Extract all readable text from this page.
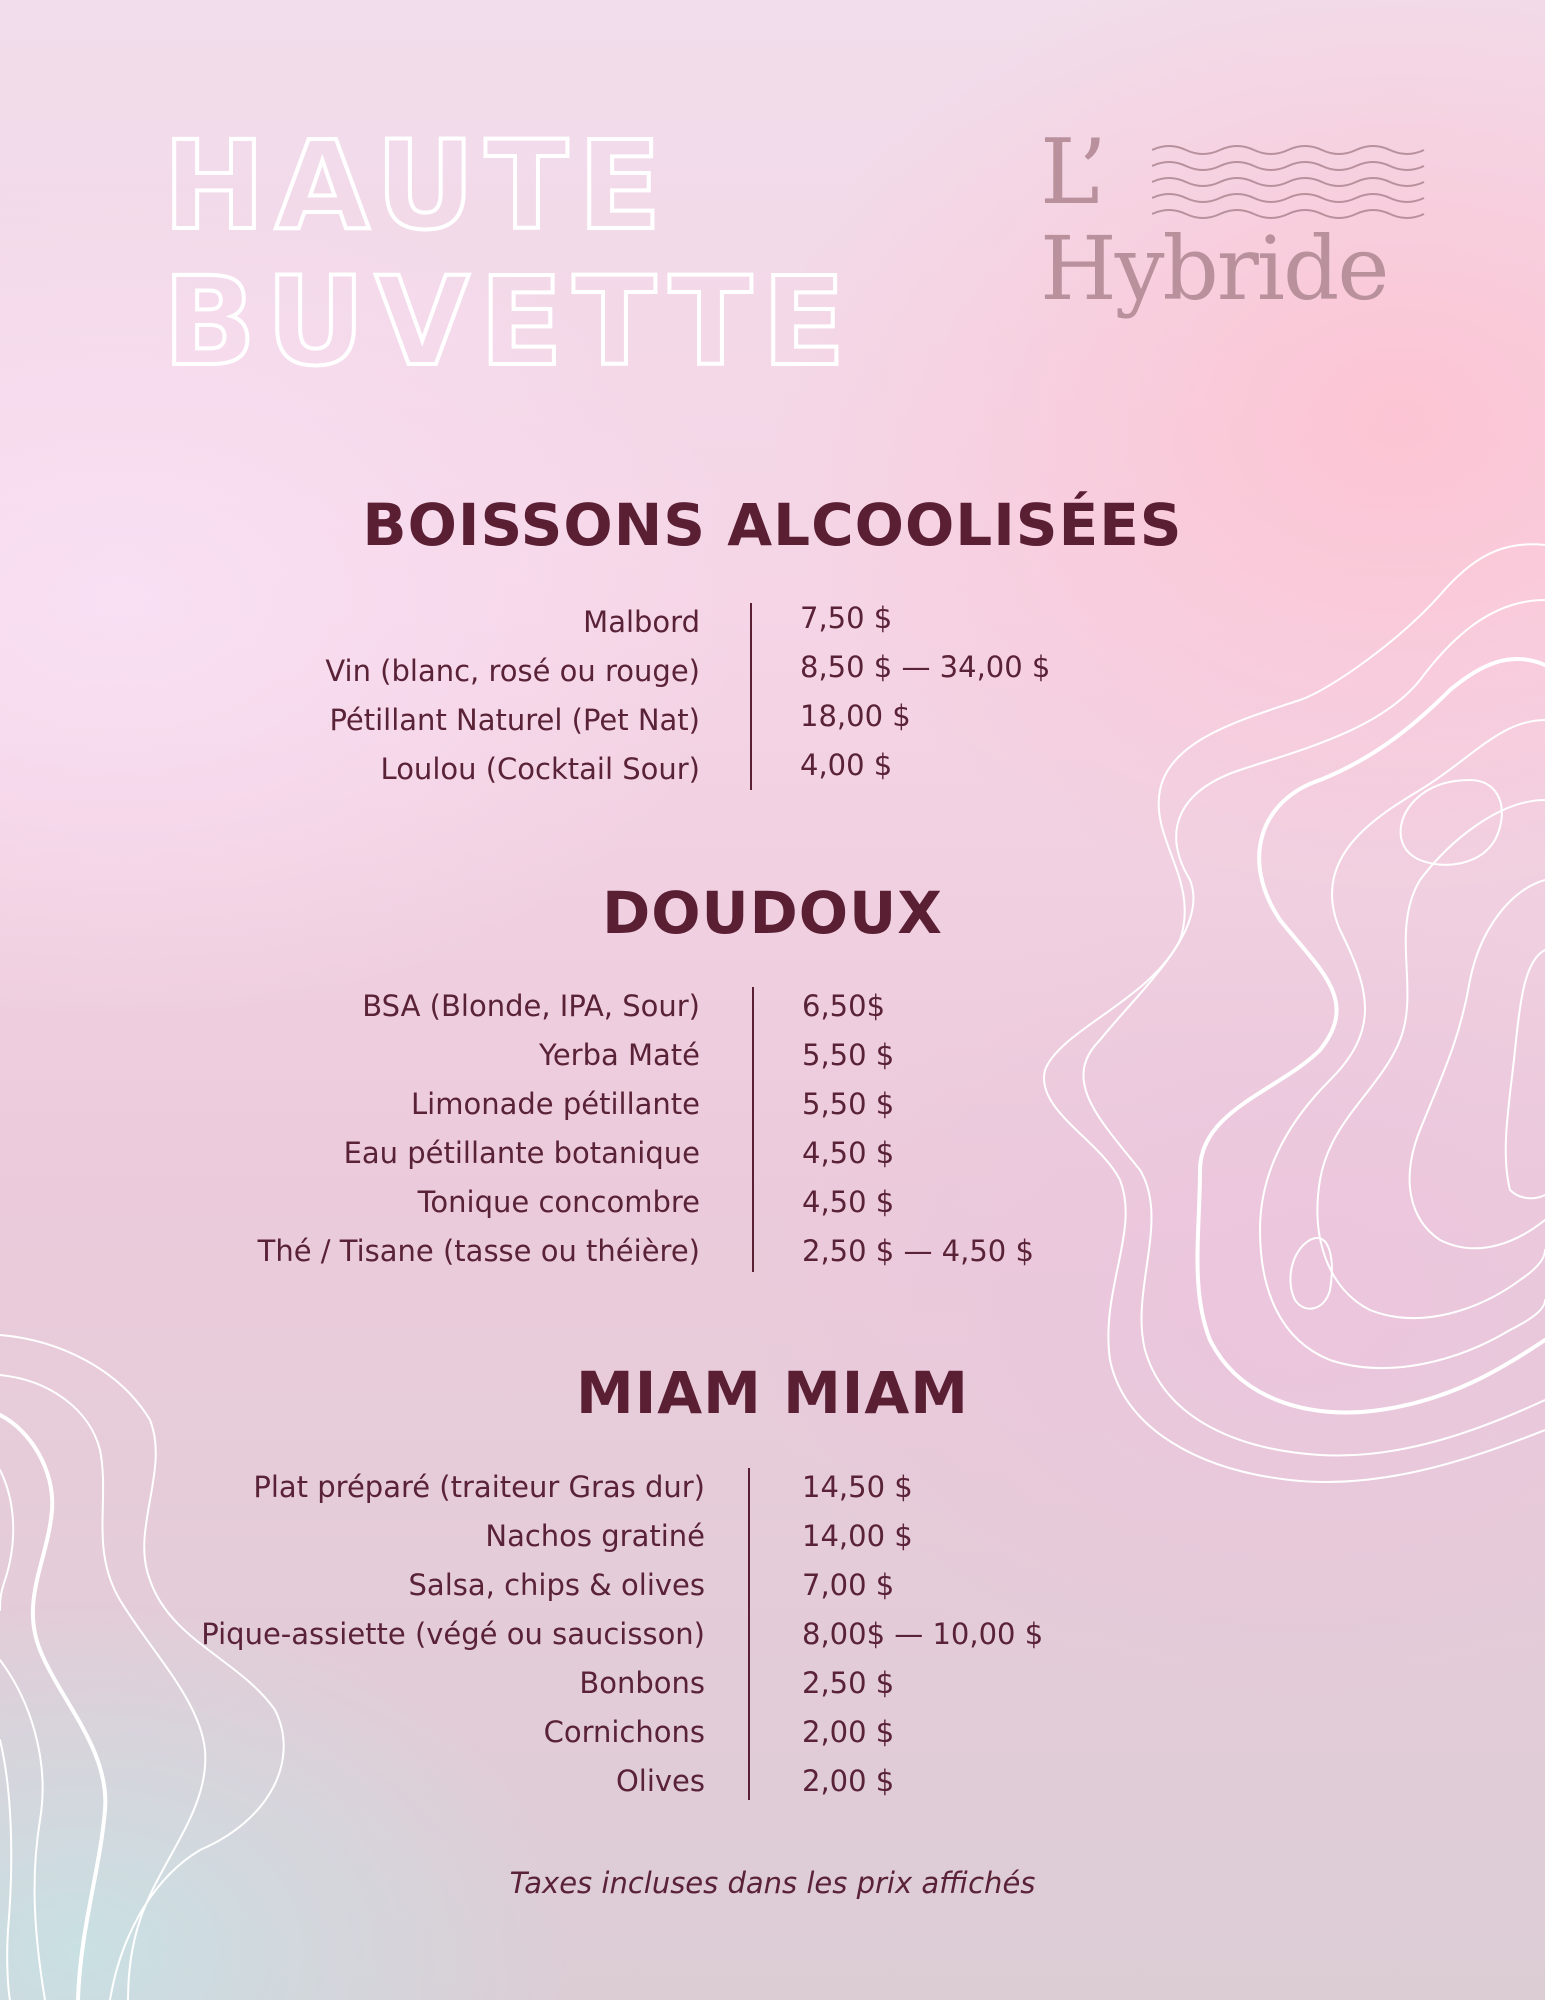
HAUTE
BUVETTE
L’
Hybride
BOISSONS ALCOOLISÉES
Malbord	7,50 $
Vin (blanc, rosé ou rouge)	8,50 $ — 34,00 $
Pétillant Naturel (Pet Nat)	18,00 $
Loulou (Cocktail Sour)	4,00 $
DOUDOUX
BSA (Blonde, IPA, Sour)	6,50$
Yerba Maté	5,50 $
Limonade pétillante	5,50 $
Eau pétillante botanique	4,50 $
Tonique concombre	4,50 $
Thé / Tisane (tasse ou théière)	2,50 $ — 4,50 $
MIAM MIAM
Plat préparé (traiteur Gras dur)	14,50 $
Nachos gratiné	14,00 $
Salsa, chips & olives	7,00 $
Pique-assiette (végé ou saucisson)	8,00$ — 10,00 $
Bonbons	2,50 $
Cornichons	2,00 $
Olives	2,00 $

Taxes incluses dans les prix affichés
